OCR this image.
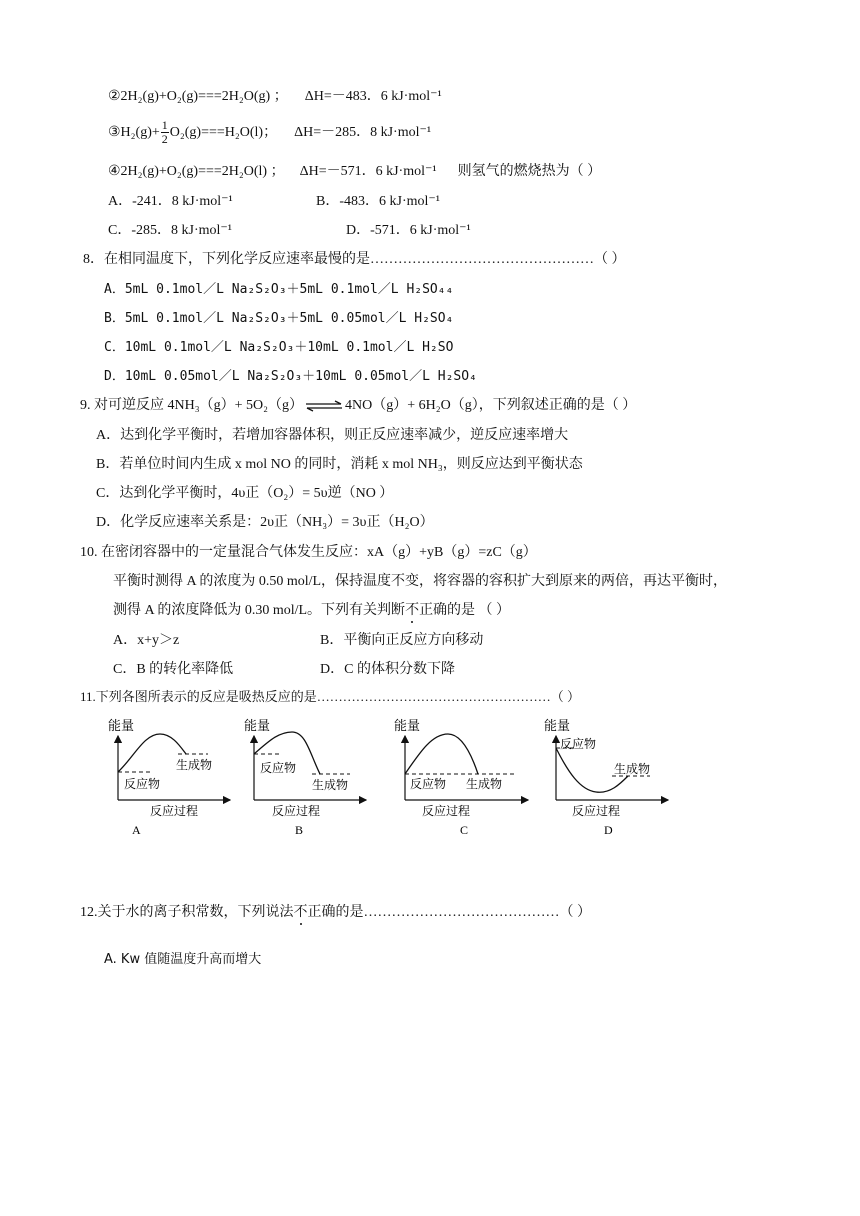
②2H₂(g)+O₂(g)===2H₂O(g) ； ΔH=－483．6 kJ·mol⁻¹
③H₂(g)+ $\frac{1}{2} O_2(g)===H_2O(l)$； ΔH=－285．8 kJ·mol⁻¹
④2H₂(g)+O₂(g)===2H₂O(l) ； ΔH=－571．6 kJ·mol⁻¹ 则氢气的燃烧热为（ ）
A．-241．8 kJ·mol⁻¹	B．-483．6 kJ·mol⁻¹
C．-285．8 kJ·mol⁻¹	D．-571．6 kJ·mol⁻¹
8．在相同温度下，下列化学反应速率最慢的是…………………………………………（ ）
A．5mL 0.1mol／L Na₂S₂O₃＋5mL 0.1mol／L H₂SO₄₄
B．5mL 0.1mol／L Na₂S₂O₃＋5mL 0.05mol／L H₂SO₄
C．10mL 0.1mol／L Na₂S₂O₃＋10mL 0.1mol／L H₂SO
D．10mL 0.05mol／L Na₂S₂O₃＋10mL 0.05mol／L H₂SO₄
9. 对可逆反应 4NH₃（g）+ 5O₂（g） ⇌ 4NO（g）+ 6H₂O（g），下列叙述正确的是（ ）
A．达到化学平衡时，若增加容器体积，则正反应速率减少，逆反应速率增大
B．若单位时间内生成 x mol NO 的同时，消耗 x mol NH₃，则反应达到平衡状态
C．达到化学平衡时，4υ正（O₂）= 5υ逆（NO ）
D．化学反应速率关系是：2υ正（NH₃）= 3υ正（H₂O）
10. 在密闭容器中的一定量混合气体发生反应：xA（g）+yB（g）=zC（g）
平衡时测得 A 的浓度为 0.50 mol/L，保持温度不变，将容器的容积扩大到原来的两倍，再达平衡时，
测得 A 的浓度降低为 0.30 mol/L。下列有关判断不正确的是 （ ）
A．x+y＞z	B．平衡向正反应方向移动
C．B 的转化率降低	D．C 的体积分数下降
11.下列各图所表示的反应是吸热反应的是………………………………………………（ ）
能量
生成物
反应物
反应过程
A
能量
反应物
生成物
反应过程
B
能量
反应物 生成物
反应过程
C
能量
反应物
生成物
反应过程
D
12.关于水的离子积常数，下列说法不正确的是……………………………………（ ）
A. Kw 值随温度升高而增大
